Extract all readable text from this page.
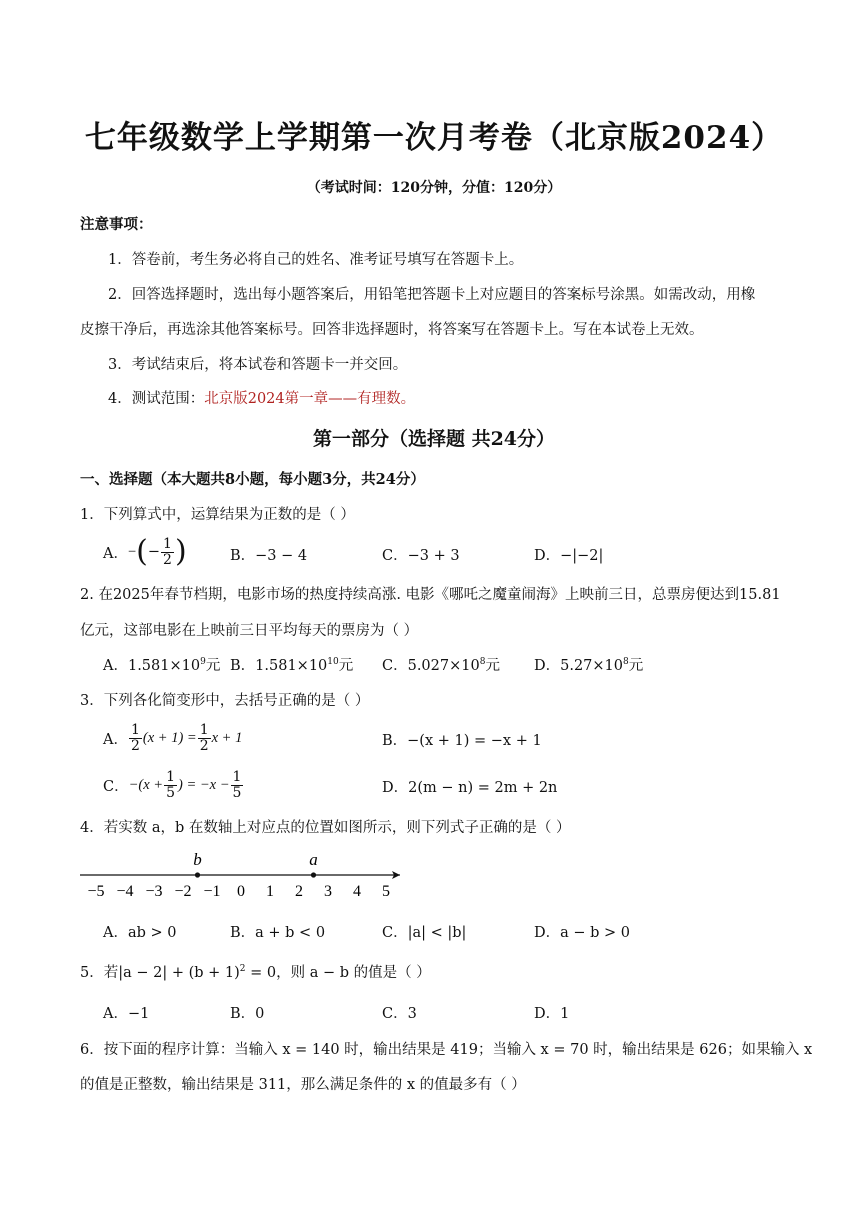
七年级数学上学期第一次月考卷（北京版2024）
（考试时间：120分钟，分值：120分）
注意事项：
1．答卷前，考生务必将自己的姓名、准考证号填写在答题卡上。
2．回答选择题时，选出每小题答案后，用铅笔把答题卡上对应题目的答案标号涂黑。如需改动，用橡
皮擦干净后，再选涂其他答案标号。回答非选择题时，将答案写在答题卡上。写在本试卷上无效。
3．考试结束后，将本试卷和答题卡一并交回。
4．测试范围：北京版2024第一章——有理数。
第一部分（选择题 共24分）
一、选择题（本大题共8小题，每小题3分，共24分）
1．下列算式中，运算结果为正数的是（ ）
A． − ( − $\frac{1}{2}$ )	B．−3 − 4	C．−3 + 3	D．−|−2|
2. 在2025年春节档期，电影市场的热度持续高涨. 电影《哪吒之魔童闹海》上映前三日，总票房便达到15.81
亿元，这部电影在上映前三日平均每天的票房为（ ）
A．$1.581\times 10^9$元 B．$1.581\times 10^{10}$元 C．$5.027\times 10^8$元 D．$5.27\times 10^8$元
3．下列各化简变形中，去括号正确的是（ ）
A． $\frac{1}{2} (x + 1) = \frac{1}{2}$ x + 1	B．−(x + 1) = −x + 1
C． $-(x + \frac{1}{5}$ ) = $-x - \frac{1}{5}$	D．2(m − n) = 2m + 2n
4．若实数 a，b 在数轴上对应点的位置如图所示，则下列式子正确的是（ ）
−5 −4 −3 −2 −1 0 1 2 3 4 5
b	a
A．ab > 0	B．a + b < 0	C．|a| < |b|	D．a − b > 0
5．若$|a - 2| + (b + 1)^2 = 0$，则 a − b 的值是（ ）
A．−1	B．0	C．3	D．1
6．按下面的程序计算：当输入 x = 140 时，输出结果是 419；当输入 x = 70 时，输出结果是 626；如果输入 x
的值是正整数，输出结果是 311，那么满足条件的 x 的值最多有（ ）
